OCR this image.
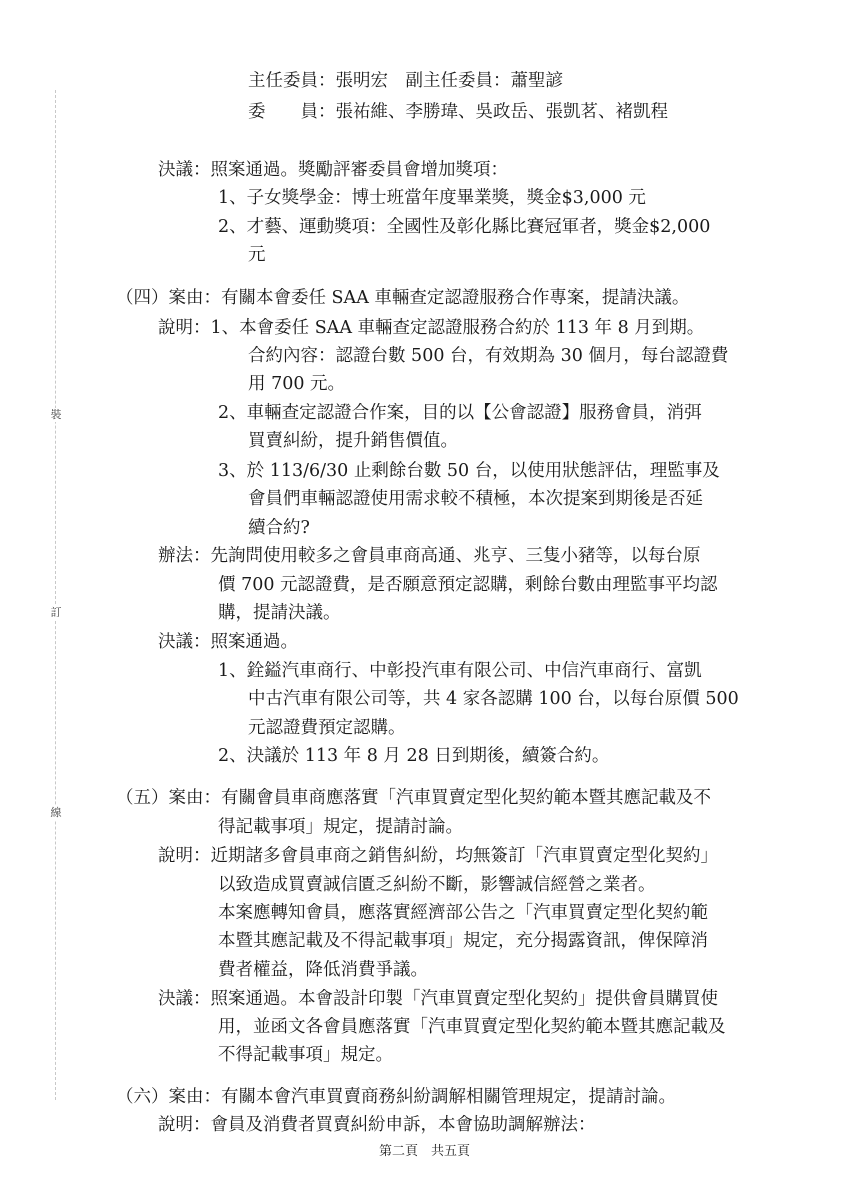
裝
訂
線
主任委員：張明宏　副主任委員：蕭聖諺
委　　員：張祐維、李勝瑋、吳政岳、張凱茗、褚凱程
決議：照案通過。獎勵評審委員會增加獎項：
1、子女獎學金：博士班當年度畢業獎，獎金$3,000 元
2、才藝、運動獎項：全國性及彰化縣比賽冠軍者，獎金$2,000
元
（四）案由：有關本會委任 SAA 車輛查定認證服務合作專案，提請決議。
說明：1、本會委任 SAA 車輛查定認證服務合約於 113 年 8 月到期。
合約內容：認證台數 500 台，有效期為 30 個月，每台認證費
用 700 元。
2、車輛查定認證合作案，目的以【公會認證】服務會員，消弭
買賣糾紛，提升銷售價值。
3、於 113/6/30 止剩餘台數 50 台，以使用狀態評估，理監事及
會員們車輛認證使用需求較不積極，本次提案到期後是否延
續合約?
辦法：先詢問使用較多之會員車商高通、兆亨、三隻小豬等，以每台原
價 700 元認證費，是否願意預定認購，剩餘台數由理監事平均認
購，提請決議。
決議：照案通過。
1、銓鎰汽車商行、中彰投汽車有限公司、中信汽車商行、富凱
中古汽車有限公司等，共 4 家各認購 100 台，以每台原價 500
元認證費預定認購。
2、決議於 113 年 8 月 28 日到期後，續簽合約。
（五）案由：有關會員車商應落實「汽車買賣定型化契約範本暨其應記載及不
得記載事項」規定，提請討論。
說明：近期諸多會員車商之銷售糾紛，均無簽訂「汽車買賣定型化契約」
以致造成買賣誠信匱乏糾紛不斷，影響誠信經營之業者。
本案應轉知會員，應落實經濟部公告之「汽車買賣定型化契約範
本暨其應記載及不得記載事項」規定，充分揭露資訊，俾保障消
費者權益，降低消費爭議。
決議：照案通過。本會設計印製「汽車買賣定型化契約」提供會員購買使
用，並函文各會員應落實「汽車買賣定型化契約範本暨其應記載及
不得記載事項」規定。
（六）案由：有關本會汽車買賣商務糾紛調解相關管理規定，提請討論。
說明：會員及消費者買賣糾紛申訴，本會協助調解辦法：
第二頁　共五頁
